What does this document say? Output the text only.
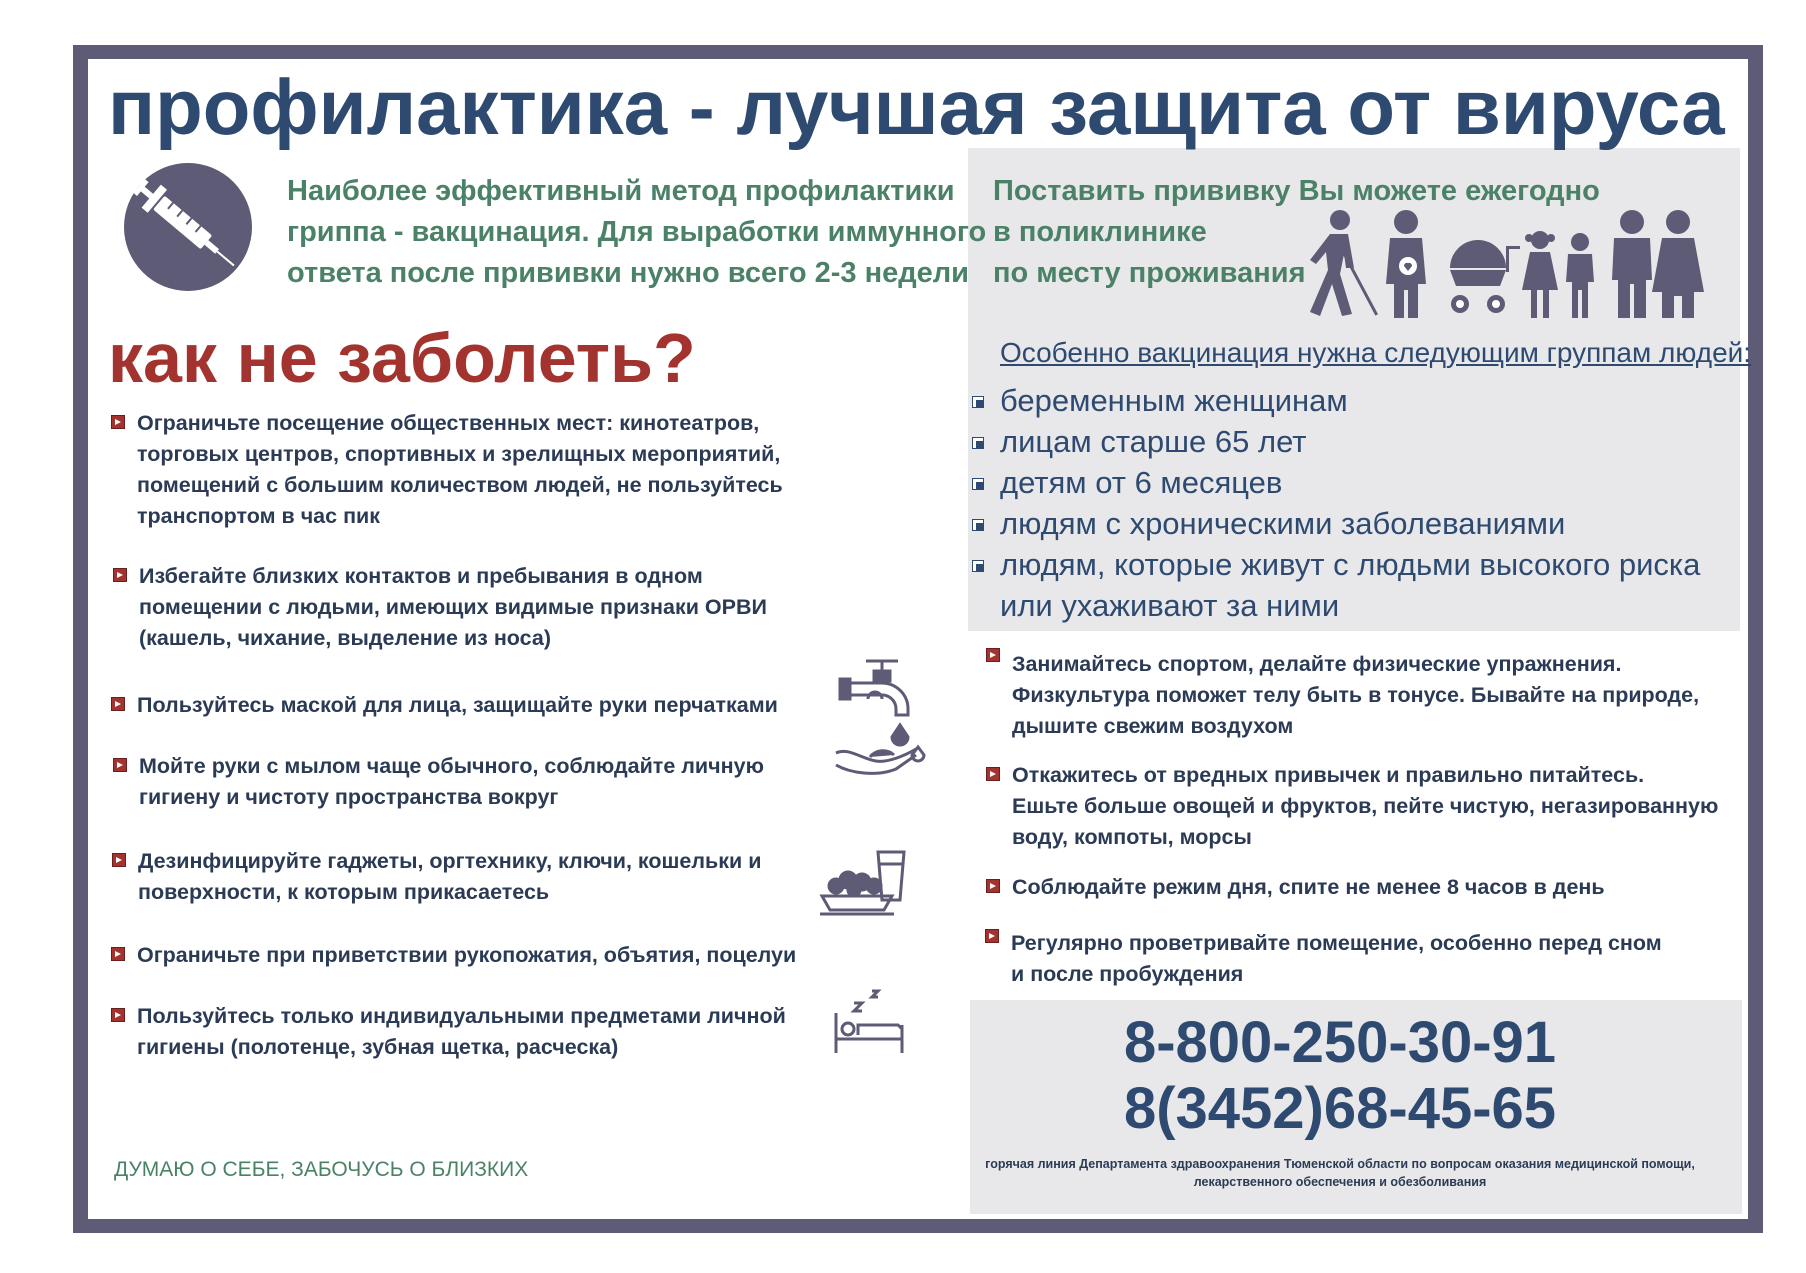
профилактика - лучшая защита от вируса
Наиболее эффективный метод профилактики
гриппа - вакцинация. Для выработки иммунного
ответа после прививки нужно всего 2-3 недели
Поставить прививку Вы можете ежегодно
в поликлинике
по месту проживания
Особенно вакцинация нужна следующим группам людей:
беременным женщинам
лицам старше 65 лет
детям от 6 месяцев
людям с хроническими заболеваниями
людям, которые живут с людьми высокого риска
или ухаживают за ними
как не заболеть?
Ограничьте посещение общественных мест: кинотеатров,
торговых центров, спортивных и зрелищных мероприятий,
помещений с большим количеством людей, не пользуйтесь
транспортом в час пик
Избегайте близких контактов и пребывания в одном
помещении с людьми, имеющих видимые признаки ОРВИ
(кашель, чихание, выделение из носа)
Пользуйтесь маской для лица, защищайте руки перчатками
Мойте руки с мылом чаще обычного, соблюдайте личную
гигиену и чистоту пространства вокруг
Дезинфицируйте гаджеты, оргтехнику, ключи, кошельки и
поверхности, к которым прикасаетесь
Ограничьте при приветствии рукопожатия, объятия, поцелуи
Пользуйтесь только индивидуальными предметами личной
гигиены (полотенце, зубная щетка, расческа)
Занимайтесь спортом, делайте физические упражнения.
Физкультура поможет телу быть в тонусе. Бывайте на природе,
дышите свежим воздухом
Откажитесь от вредных привычек и правильно питайтесь.
Ешьте больше овощей и фруктов, пейте чистую, негазированную
воду, компоты, морсы
Соблюдайте режим дня, спите не менее 8 часов в день
Регулярно проветривайте помещение, особенно перед сном
и после пробуждения
8-800-250-30-91
8(3452)68-45-65
горячая линия Департамента здравоохранения Тюменской области по вопросам оказания медицинской помощи,
лекарственного обеспечения и обезболивания
ДУМАЮ О СЕБЕ, ЗАБОЧУСЬ О БЛИЗКИХ
